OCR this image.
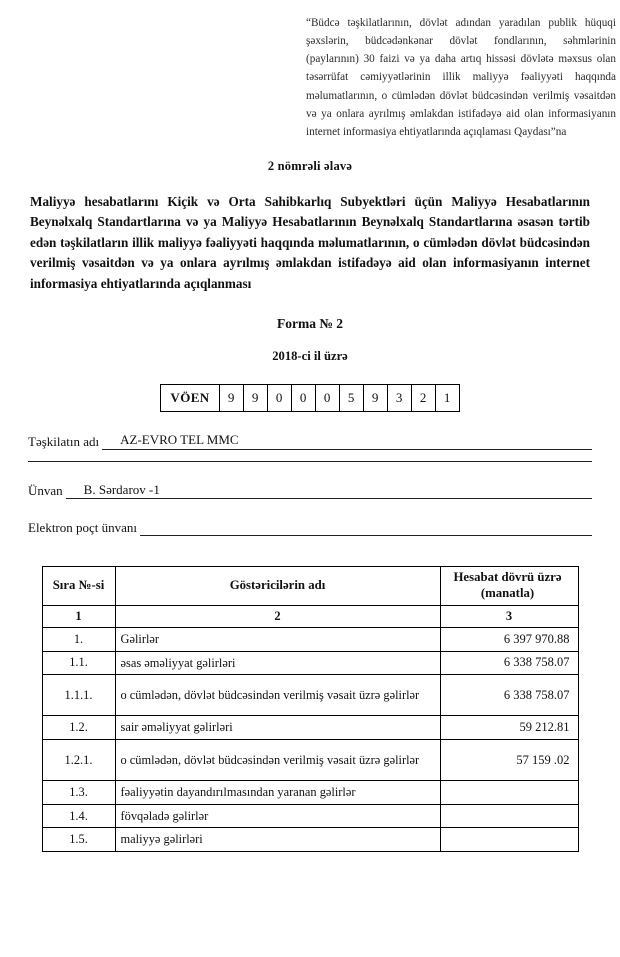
“Büdcə təşkilatlarının, dövlət adından yaradılan publik hüquqi şəxslərin, büdcədənkənar dövlət fondlarının, səhmlərinin (paylarının) 30 faizi və ya daha artıq hissəsi dövlətə məxsus olan təsərrüfat cəmiyyətlərinin illik maliyyə fəaliyyəti haqqında məlumatlarının, o cümlədən dövlət büdcəsindən verilmiş vəsaitdən və ya onlara ayrılmış əmlakdan istifadəyə aid olan informasiyanın internet informasiya ehtiyatlarında açıqlaması Qaydası”na
2 nömrəli əlavə
Maliyyə hesabatlarını Kiçik və Orta Sahibkarlıq Subyektləri üçün Maliyyə Hesabatlarının Beynəlxalq Standartlarına və ya Maliyyə Hesabatlarının Beynəlxalq Standartlarına əsasən tərtib edən təşkilatların illik maliyyə fəaliyyəti haqqında məlumatlarının, o cümlədən dövlət büdcəsindən verilmiş vəsaitdən və ya onlara ayrılmış əmlakdan istifadəyə aid olan informasiyanın internet informasiya ehtiyatlarında açıqlanması
Forma № 2
2018-ci il üzrə
VÖEN	9	9	0	0	0	5	9	3	2	1
Təşkilatın adı	AZ-EVRO TEL MMC
Ünvan	B. Sərdarov -1
Elektron poçt ünvanı
Sıra №-si	Göstəricilərin adı	Hesabat dövrü üzrə (manatla)
1	2	3
1.	Gəlirlər	6 397 970.88
1.1.	əsas əməliyyat gəlirləri	6 338 758.07
1.1.1.	o cümlədən, dövlət büdcəsindən verilmiş vəsait üzrə gəlirlər	6 338 758.07
1.2.	sair əməliyyat gəlirləri	59 212.81
1.2.1.	o cümlədən, dövlət büdcəsindən verilmiş vəsait üzrə gəlirlər	57 159 .02
1.3.	fəaliyyətin dayandırılmasından yaranan gəlirlər	
1.4.	fövqəladə gəlirlər	
1.5.	maliyyə gəlirləri	
